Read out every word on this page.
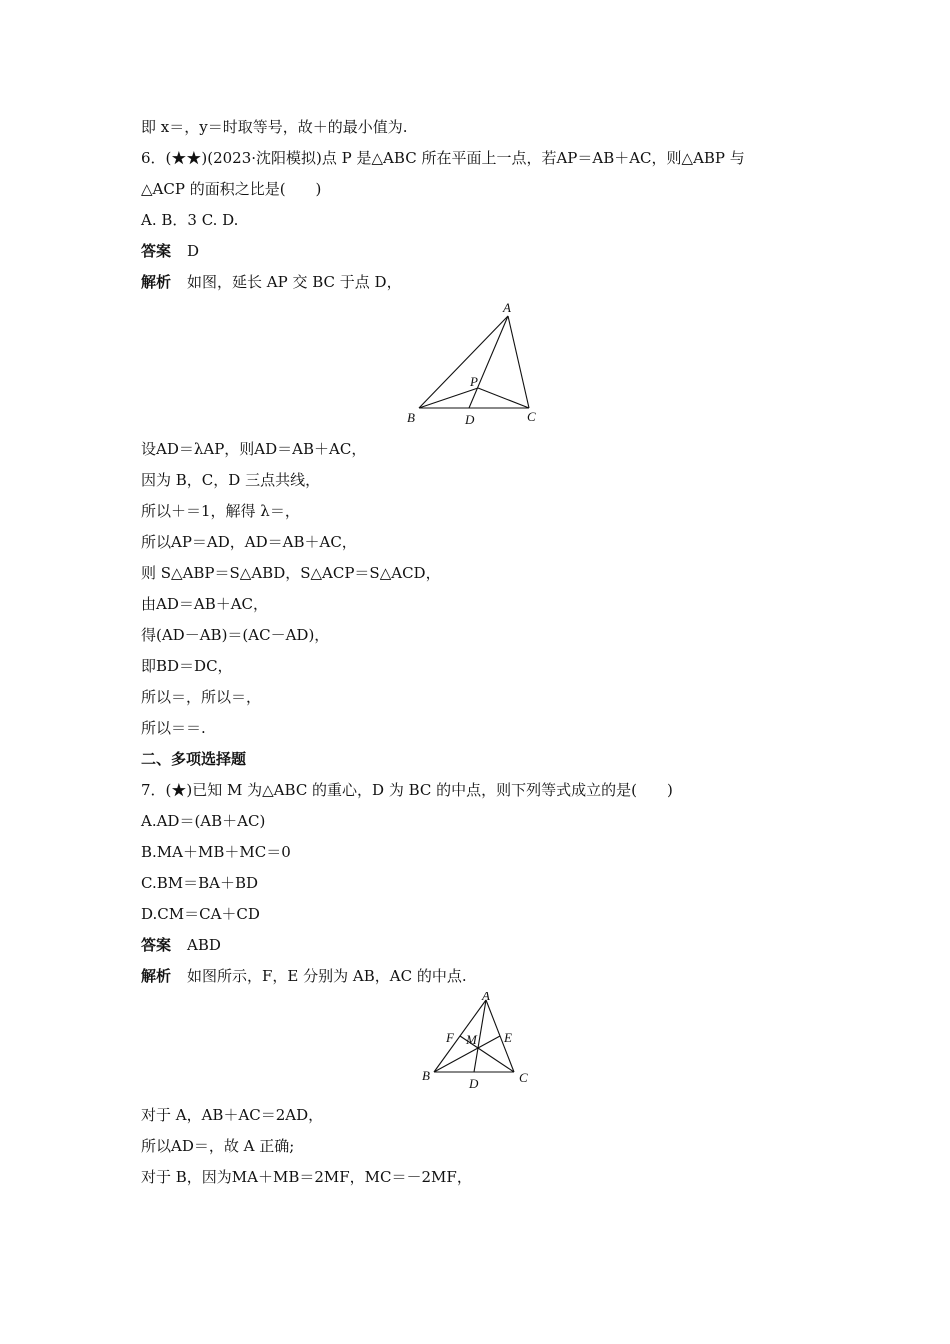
即 x＝，y＝时取等号，故＋的最小值为.
6．(★★)(2023·沈阳模拟)点 P 是△ABC 所在平面上一点，若AP＝AB＋AC，则△ABP 与
△ACP 的面积之比是(　　)
A. B．3 C. D.
答案 D
解析 如图，延长 AP 交 BC 于点 D，
A
B	D	C
P
设AD＝λAP，则AD＝AB＋AC，
因为 B，C，D 三点共线，
所以＋＝1，解得 λ＝，
所以AP＝AD，AD＝AB＋AC，
则 S△ABP＝S△ABD，S△ACP＝S△ACD，
由AD＝AB＋AC，
得(AD－AB)＝(AC－AD)，
即BD＝DC，
所以＝，所以＝，
所以＝＝.
二、多项选择题
7．(★)已知 M 为△ABC 的重心，D 为 BC 的中点，则下列等式成立的是(　　)
A.AD＝(AB＋AC)
B.MA＋MB＋MC＝0
C.BM＝BA＋BD
D.CM＝CA＋CD
答案 ABD
解析 如图所示，F，E 分别为 AB，AC 的中点.
A
B
D	C
F	E
M
对于 A，AB＋AC＝2AD，
所以AD＝，故 A 正确;
对于 B，因为MA＋MB＝2MF，MC＝－2MF，
